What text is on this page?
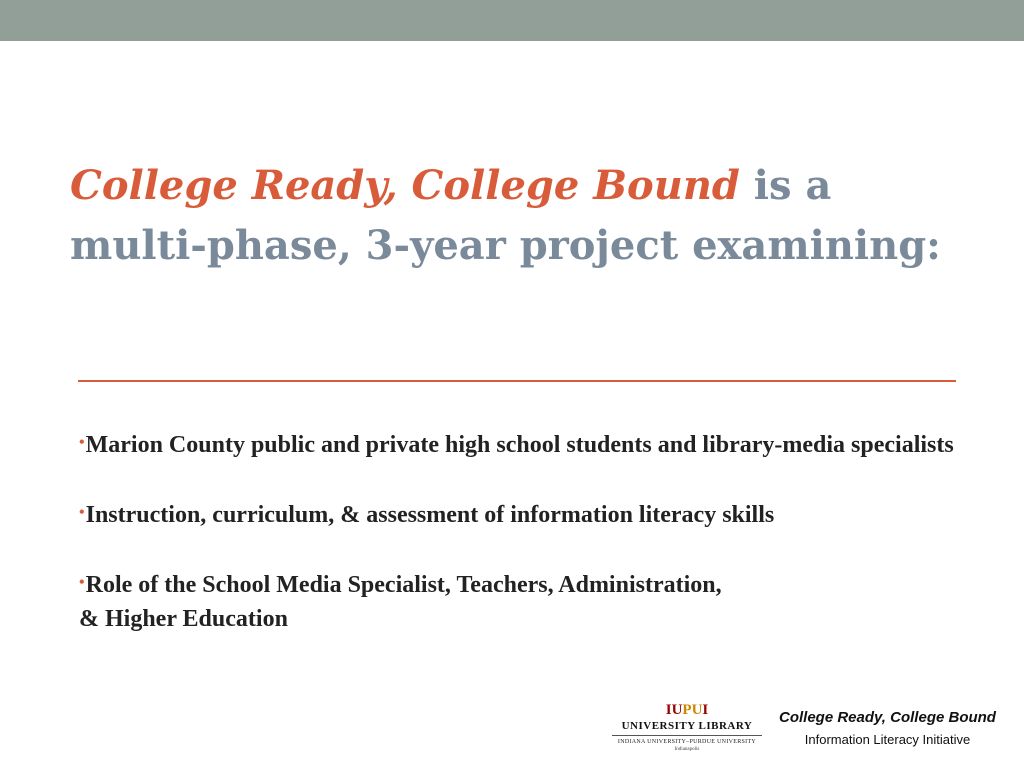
College Ready, College Bound is a multi-phase, 3-year project examining:
•Marion County public and private high school students and library-media specialists
•Instruction, curriculum, & assessment of information literacy skills
•Role of the School Media Specialist, Teachers, Administration,
& Higher Education
IUPUI
UNIVERSITY LIBRARY
INDIANA UNIVERSITY–PURDUE UNIVERSITY
Indianapolis
College Ready, College Bound
Information Literacy Initiative
